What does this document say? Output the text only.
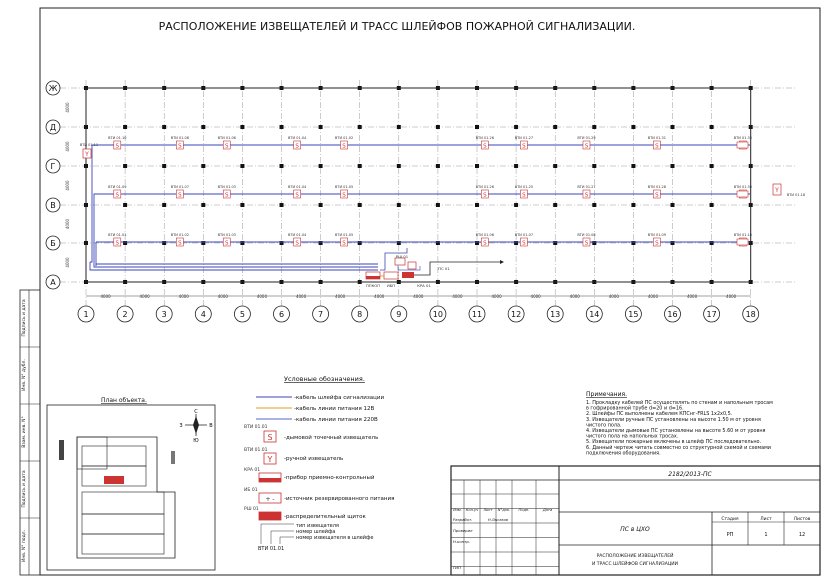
РАСПОЛОЖЕНИЕ ИЗВЕЩАТЕЛЕЙ И ТРАСС ШЛЕЙФОВ ПОЖАРНОЙ СИГНАЛИЗАЦИИ.
Ж
Д
Г
В
Б
А
4000
4000
4000
4000
4000
1	2	3	4	5	6	7	8	9	10	11	12	13	14	15	16	17	18
4000	4000	4000	4000	4000	4000	4000	4000	4000	4000	4000	4000	4000	4000	4000	4000	4000
S
ВТИ 01.10
S
ВТИ 01.08
S
ВТИ 01.06
S
ВТИ 01.04
S
ВТИ 01.02
S
ВТИ 01.26
S
ВТИ 01.27
S
ВТИ 01.29
S
ВТИ 01.31	ВТИ 01.33
S
ВТИ 01.09
S
ВТИ 01.07
S
ВТИ 01.03
S
ВТИ 01.04
S
ВТИ 01.05
S
ВТИ 01.26
S
ВТИ 01.25
S
ВТИ 01.27
S
ВТИ 01.28	ВТИ 01.30
S
ВТИ 01.01
S
ВТИ 01.02
S
ВТИ 01.03
S
ВТИ 01.04
S
ВТИ 01.05
S
ВТИ 01.06
S
ВТИ 01.07
S
ВТИ 01.08
S
ВТИ 01.09	ВТИ 01.10
Y
ВТИ 01.11
Y
ВТИ 01.18
ППКОП ИБП	КРА 01
ПС 01
РШ 01
Условные обозначения.
-кабель шлейфа сигнализации
-кабель линии питания 12В
-кабель линии питания 220В
ВТИ 01.01
S -дымовой точечный извещатель
ВТИ 01.01
Y -ручной извещатель
КРА 01
-прибор приемно-контрольный
ИБ 01
+ - -источник резервированного питания
РШ 01
-распределительный щиток
тип извещателя
номер шлейфа
номер извещателя в шлейфе
ВТИ 01.01
Примечания.
1. Прокладку кабелей ПС осуществлять по стенам и напольным тросам
в гофрированной трубе d=20 и d=16.
2. Шлейфы ПС выполнены кабелем КПСнг-FRLS 1х2х0,5.
3. Извещатели ручные ПС установлены на высоте 1.50 м от уровня
чистого пола.
4. Извещатели дымовые ПС установлены на высоте 5.60 м от уровня
чистого пола на напольных тросах.
5. Извещатели пожарные включены в шлейф ПС последовательно.
6. Данный чертеж читать совместно со структурной схемой и схемами
подключения оборудования.
План объекта.
С
Ю
З	В
Подпись и дата
Инв. N° дубл.
Взам. инв. N°
Подпись и дата
Инв. N° подл.
Изм. Кол.уч Лист N°док. Подп.	Дата
Разработ.
Проверил
Н.контр.
ГИП
Н.Лысаков
2182/2013-ПС
ПС в ЦХО
Стадия	Лист	Листов
РП	1	12
РАСПОЛОЖЕНИЕ ИЗВЕЩАТЕЛЕЙ
И ТРАСС ШЛЕЙФОВ СИГНАЛИЗАЦИИ
